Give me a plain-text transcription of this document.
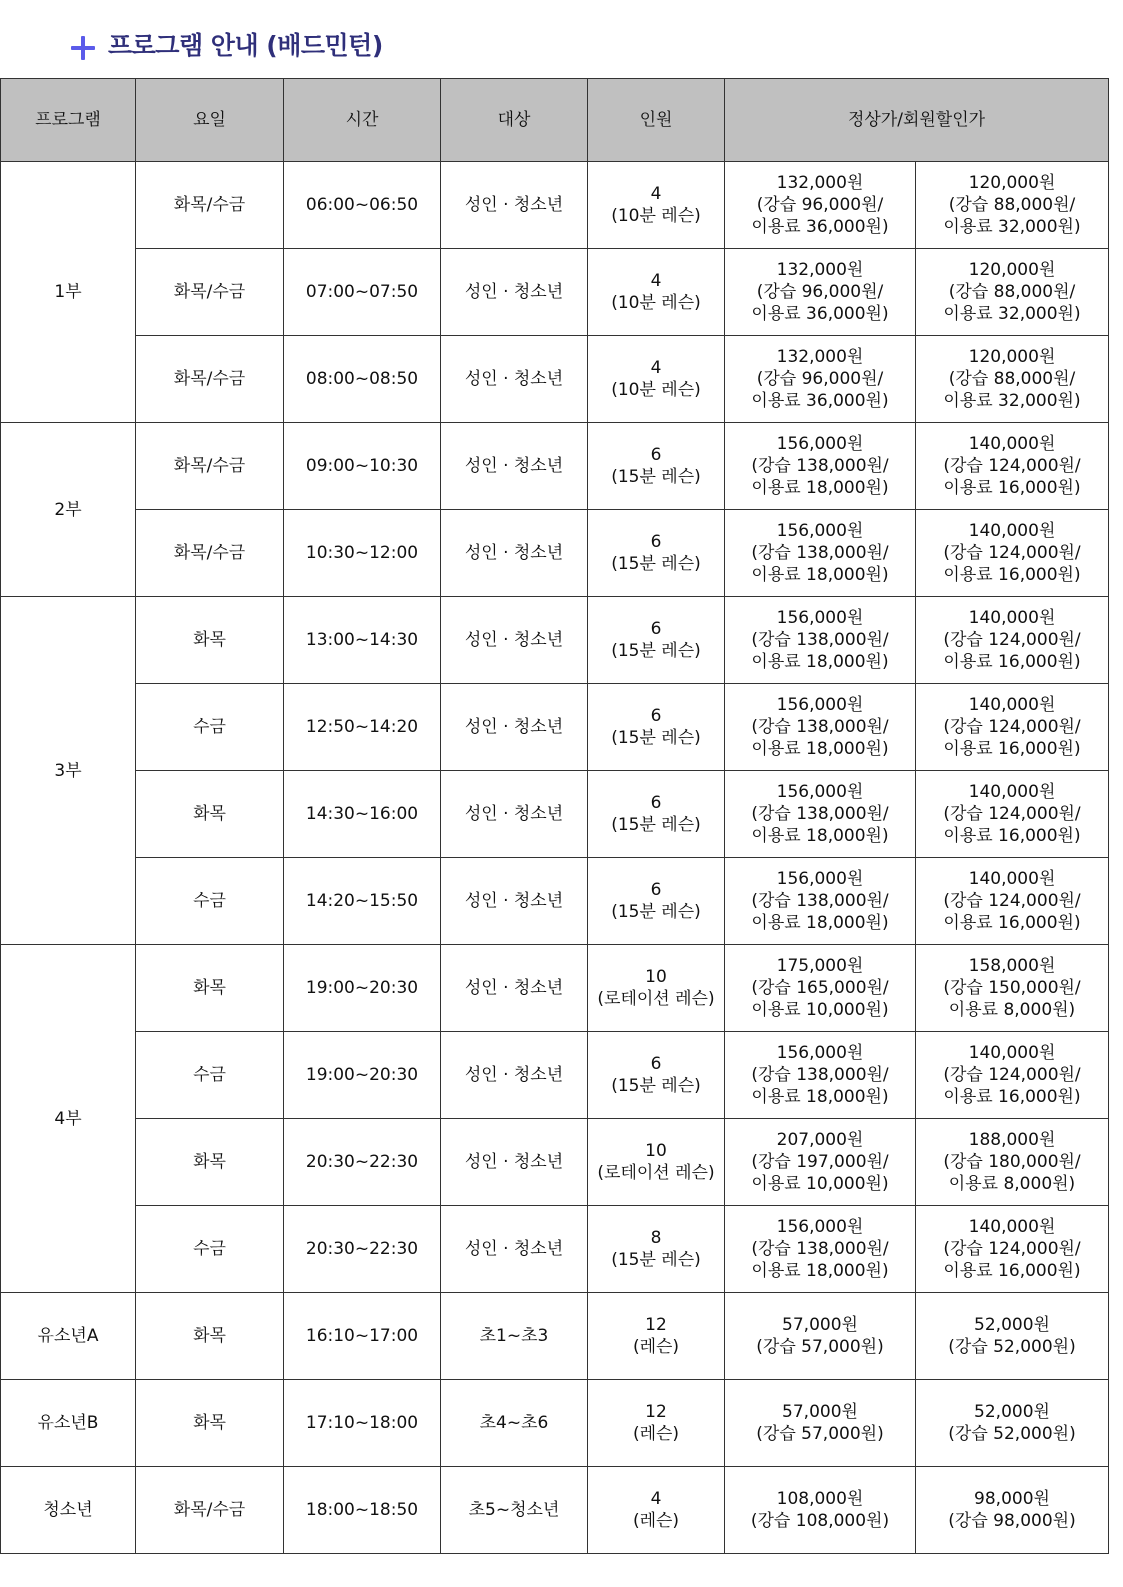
프로그램 안내 (배드민턴)
프로그램	요일	시간	대상	인원	정상가/회원할인가	
1부	화목/수금	06:00~06:50	성인 · 청소년	4
(10분 레슨)	132,000원
(강습 96,000원/
이용료 36,000원)	120,000원
(강습 88,000원/
이용료 32,000원)

	화목/수금	07:00~07:50	성인 · 청소년	4
(10분 레슨)	132,000원
(강습 96,000원/
이용료 36,000원)	120,000원
(강습 88,000원/
이용료 32,000원)

	화목/수금	08:00~08:50	성인 · 청소년	4
(10분 레슨)	132,000원
(강습 96,000원/
이용료 36,000원)	120,000원
(강습 88,000원/
이용료 32,000원)

2부	화목/수금	09:00~10:30	성인 · 청소년	6
(15분 레슨)	156,000원
(강습 138,000원/
이용료 18,000원)	140,000원
(강습 124,000원/
이용료 16,000원)

	화목/수금	10:30~12:00	성인 · 청소년	6
(15분 레슨)	156,000원
(강습 138,000원/
이용료 18,000원)	140,000원
(강습 124,000원/
이용료 16,000원)

3부	화목	13:00~14:30	성인 · 청소년	6
(15분 레슨)	156,000원
(강습 138,000원/
이용료 18,000원)	140,000원
(강습 124,000원/
이용료 16,000원)

	수금	12:50~14:20	성인 · 청소년	6
(15분 레슨)	156,000원
(강습 138,000원/
이용료 18,000원)	140,000원
(강습 124,000원/
이용료 16,000원)

	화목	14:30~16:00	성인 · 청소년	6
(15분 레슨)	156,000원
(강습 138,000원/
이용료 18,000원)	140,000원
(강습 124,000원/
이용료 16,000원)

	수금	14:20~15:50	성인 · 청소년	6
(15분 레슨)	156,000원
(강습 138,000원/
이용료 18,000원)	140,000원
(강습 124,000원/
이용료 16,000원)

4부	화목	19:00~20:30	성인 · 청소년	10
(로테이션 레슨)	175,000원
(강습 165,000원/
이용료 10,000원)	158,000원
(강습 150,000원/
이용료 8,000원)

	수금	19:00~20:30	성인 · 청소년	6
(15분 레슨)	156,000원
(강습 138,000원/
이용료 18,000원)	140,000원
(강습 124,000원/
이용료 16,000원)

	화목	20:30~22:30	성인 · 청소년	10
(로테이션 레슨)	207,000원
(강습 197,000원/
이용료 10,000원)	188,000원
(강습 180,000원/
이용료 8,000원)

	수금	20:30~22:30	성인 · 청소년	8
(15분 레슨)	156,000원
(강습 138,000원/
이용료 18,000원)	140,000원
(강습 124,000원/
이용료 16,000원)

유소년A	화목	16:10~17:00	초1~초3	12
(레슨)	57,000원
(강습 57,000원)	52,000원
(강습 52,000원)

유소년B	화목	17:10~18:00	초4~초6	12
(레슨)	57,000원
(강습 57,000원)	52,000원
(강습 52,000원)

청소년	화목/수금	18:00~18:50	초5~청소년	4
(레슨)	108,000원
(강습 108,000원)	98,000원
(강습 98,000원)
